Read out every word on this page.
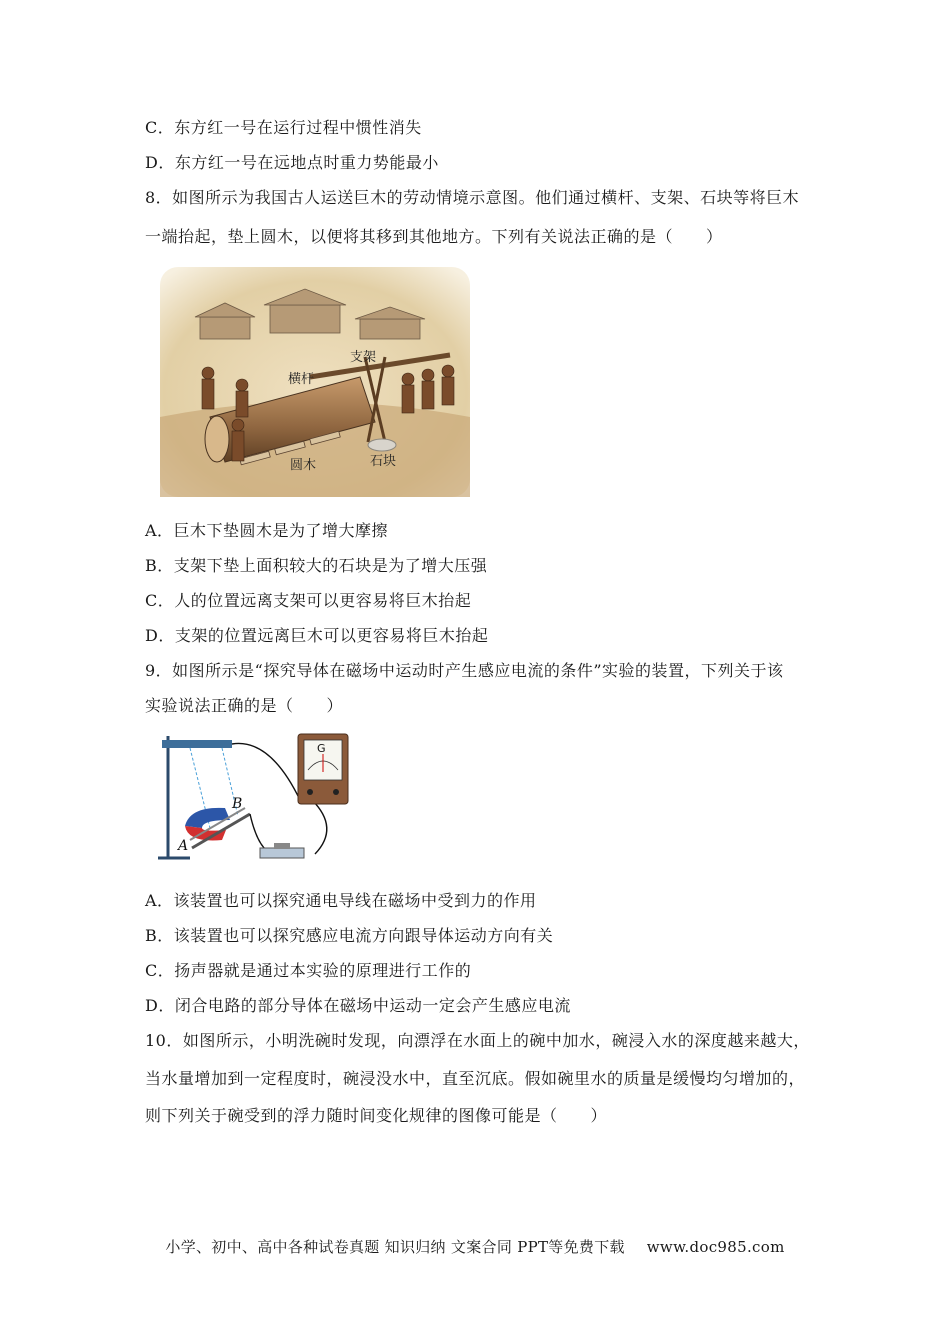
C．东方红一号在运行过程中惯性消失
D．东方红一号在远地点时重力势能最小
8．如图所示为我国古人运送巨木的劳动情境示意图。他们通过横杆、支架、石块等将巨木
一端抬起，垫上圆木，以便将其移到其他地方。下列有关说法正确的是（　　）
横杆
支架
圆木	石块
A．巨木下垫圆木是为了增大摩擦
B．支架下垫上面积较大的石块是为了增大压强
C．人的位置远离支架可以更容易将巨木抬起
D．支架的位置远离巨木可以更容易将巨木抬起
9．如图所示是“探究导体在磁场中运动时产生感应电流的条件”实验的装置，下列关于该
实验说法正确的是（　　）
A
B
G
A．该装置也可以探究通电导线在磁场中受到力的作用
B．该装置也可以探究感应电流方向跟导体运动方向有关
C．扬声器就是通过本实验的原理进行工作的
D．闭合电路的部分导体在磁场中运动一定会产生感应电流
10．如图所示，小明洗碗时发现，向漂浮在水面上的碗中加水，碗浸入水的深度越来越大，
当水量增加到一定程度时，碗浸没水中，直至沉底。假如碗里水的质量是缓慢均匀增加的，
则下列关于碗受到的浮力随时间变化规律的图像可能是（　　）
小学、初中、高中各种试卷真题 知识归纳 文案合同 PPT等免费下载 www.doc985.com
